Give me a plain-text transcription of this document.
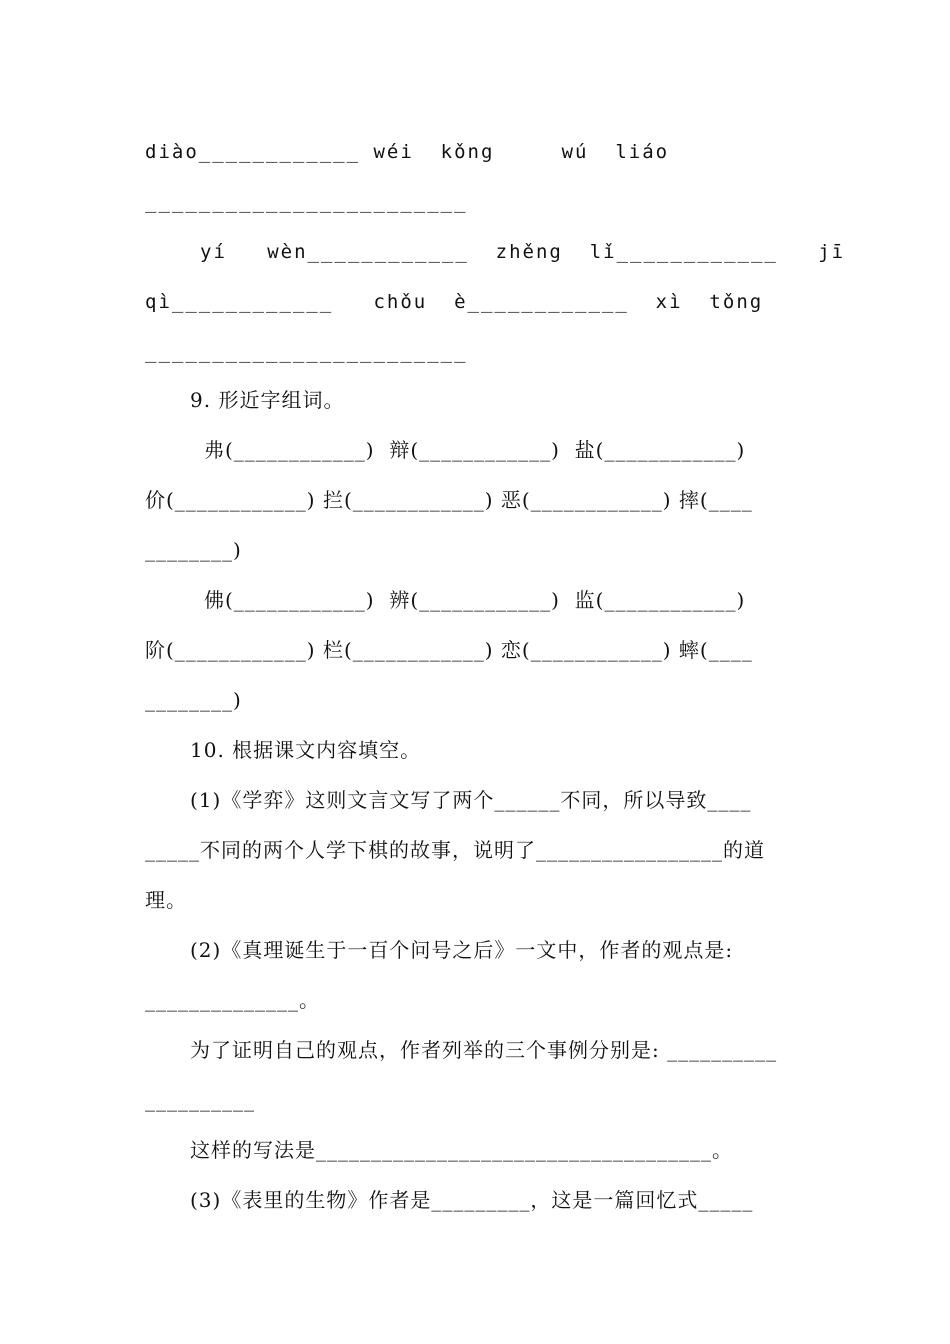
diào____________ wéi  kǒng     wú  liáo
________________________
yí   wèn____________  zhěng  lǐ____________   jī
qì____________   chǒu  è____________  xì  tǒng
________________________
9. 形近字组词。
弗(____________)  辩(____________)  盐(____________)
价(____________) 拦(____________) 恶(____________) 摔(____
________)
佛(____________)  辨(____________)  监(____________)
阶(____________) 栏(____________) 恋(____________) 蟀(____
________)
10. 根据课文内容填空。
(1)《学弈》这则文言文写了两个______不同，所以导致____
_____不同的两个人学下棋的故事，说明了_________________的道
理。
(2)《真理诞生于一百个问号之后》一文中，作者的观点是:
______________。
为了证明自己的观点，作者列举的三个事例分别是: __________
__________
这样的写法是____________________________________。
(3)《表里的生物》作者是_________，这是一篇回忆式_____
